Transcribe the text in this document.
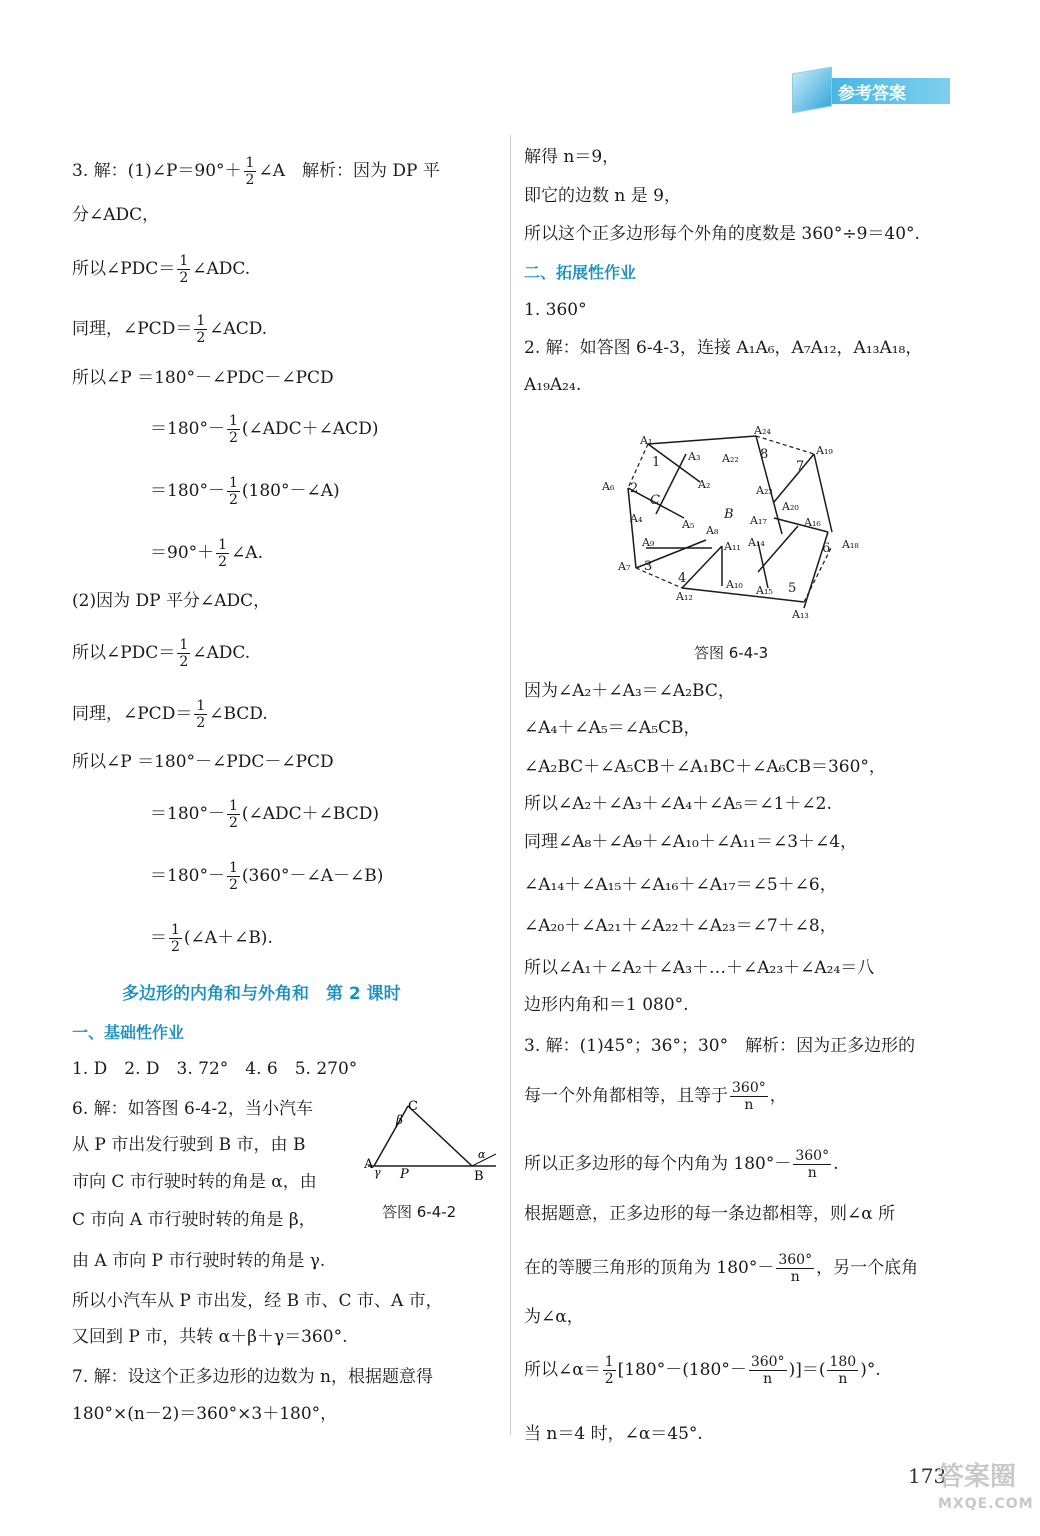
参考答案
3. 解：(1)∠P＝90°＋ $\frac{1}{2}$ ∠A　解析：因为 DP 平
分∠ADC，
所以∠PDC＝ $\frac{1}{2}$ ∠ADC.
同理，∠PCD＝ $\frac{1}{2}$ ∠ACD.
所以∠P ＝180°－∠PDC－∠PCD
$=180^\circ- \frac{1}{2}$ (∠ADC＋∠ACD)
$=180^\circ- \frac{1}{2}$ (180°－∠A)
$=90^\circ+ \frac{1}{2}$ ∠A.
(2)因为 DP 平分∠ADC，
所以∠PDC＝ $\frac{1}{2}$ ∠ADC.
同理，∠PCD＝ $\frac{1}{2}$ ∠BCD.
所以∠P ＝180°－∠PDC－∠PCD
$=180^\circ- \frac{1}{2}$ (∠ADC＋∠BCD)
$=180^\circ- \frac{1}{2}$ (360°－∠A－∠B)
＝ $\frac{1}{2}$ (∠A＋∠B).
多边形的内角和与外角和　第 2 课时
一、基础性作业
1. D　2. D　3. 72°　4. 6　5. 270°
6. 解：如答图 6-4-2，当小汽车
从 P 市出发行驶到 B 市，由 B
市向 C 市行驶时转的角是 α，由
C 市向 A 市行驶时转的角是 β，
由 A 市向 P 市行驶时转的角是 γ.
所以小汽车从 P 市出发，经 B 市、C 市、A 市，
又回到 P 市，共转 α＋β＋γ＝360°.
7. 解：设这个正多边形的边数为 n，根据题意得
180°×(n－2)＝360°×3＋180°，
C
β
A
γ P
α
B
答图 6-4-2
解得 n＝9，
即它的边数 n 是 9，
所以这个正多边形每个外角的度数是 360°÷9＝40°.
二、拓展性作业
1. 360°
2. 解：如答图 6-4-3，连接 A₁A₆，A₇A₁₂，A₁₃A₁₈，
A₁₉A₂₄.
A₁
A₂₄
A₁₉
A₃ A₂₂
A₂	A₂₃
A₆
A₂₀
A₁₇	A₁₆
A₄	A₅ A₈
A₁₄	A₁₈
A₉	A₁₁
A₇
A₁₀ A₁₅
A₁₂
A₁₃
B
C
1
2
3
4
5
6
7
8
答图 6-4-3
因为∠A₂＋∠A₃＝∠A₂BC，
∠A₄＋∠A₅＝∠A₅CB，
∠A₂BC＋∠A₅CB＋∠A₁BC＋∠A₆CB＝360°，
所以∠A₂＋∠A₃＋∠A₄＋∠A₅＝∠1＋∠2.
同理∠A₈＋∠A₉＋∠A₁₀＋∠A₁₁＝∠3＋∠4，
∠A₁₄＋∠A₁₅＋∠A₁₆＋∠A₁₇＝∠5＋∠6，
∠A₂₀＋∠A₂₁＋∠A₂₂＋∠A₂₃＝∠7＋∠8，
所以∠A₁＋∠A₂＋∠A₃＋…＋∠A₂₃＋∠A₂₄＝八
边形内角和＝1 080°.
3. 解：(1)45°；36°；30°　解析：因为正多边形的
每一个外角都相等，且等于 $\frac{360^\circ}{n}$ ，
所以正多边形的每个内角为 $180^\circ- \frac{360^\circ}{n}$ .
根据题意，正多边形的每一条边都相等，则∠α 所
在的等腰三角形的顶角为 $180^\circ- \frac{360^\circ}{n}$ ，另一个底角
为∠α，
所以∠α＝ $\frac{1}{2} [180^\circ-(180^\circ- \frac{360^\circ}{n}$ )]＝( $\frac{180}{n}$ )°.
当 n＝4 时，∠α＝45°.
173
答案圈
MXQE.COM
